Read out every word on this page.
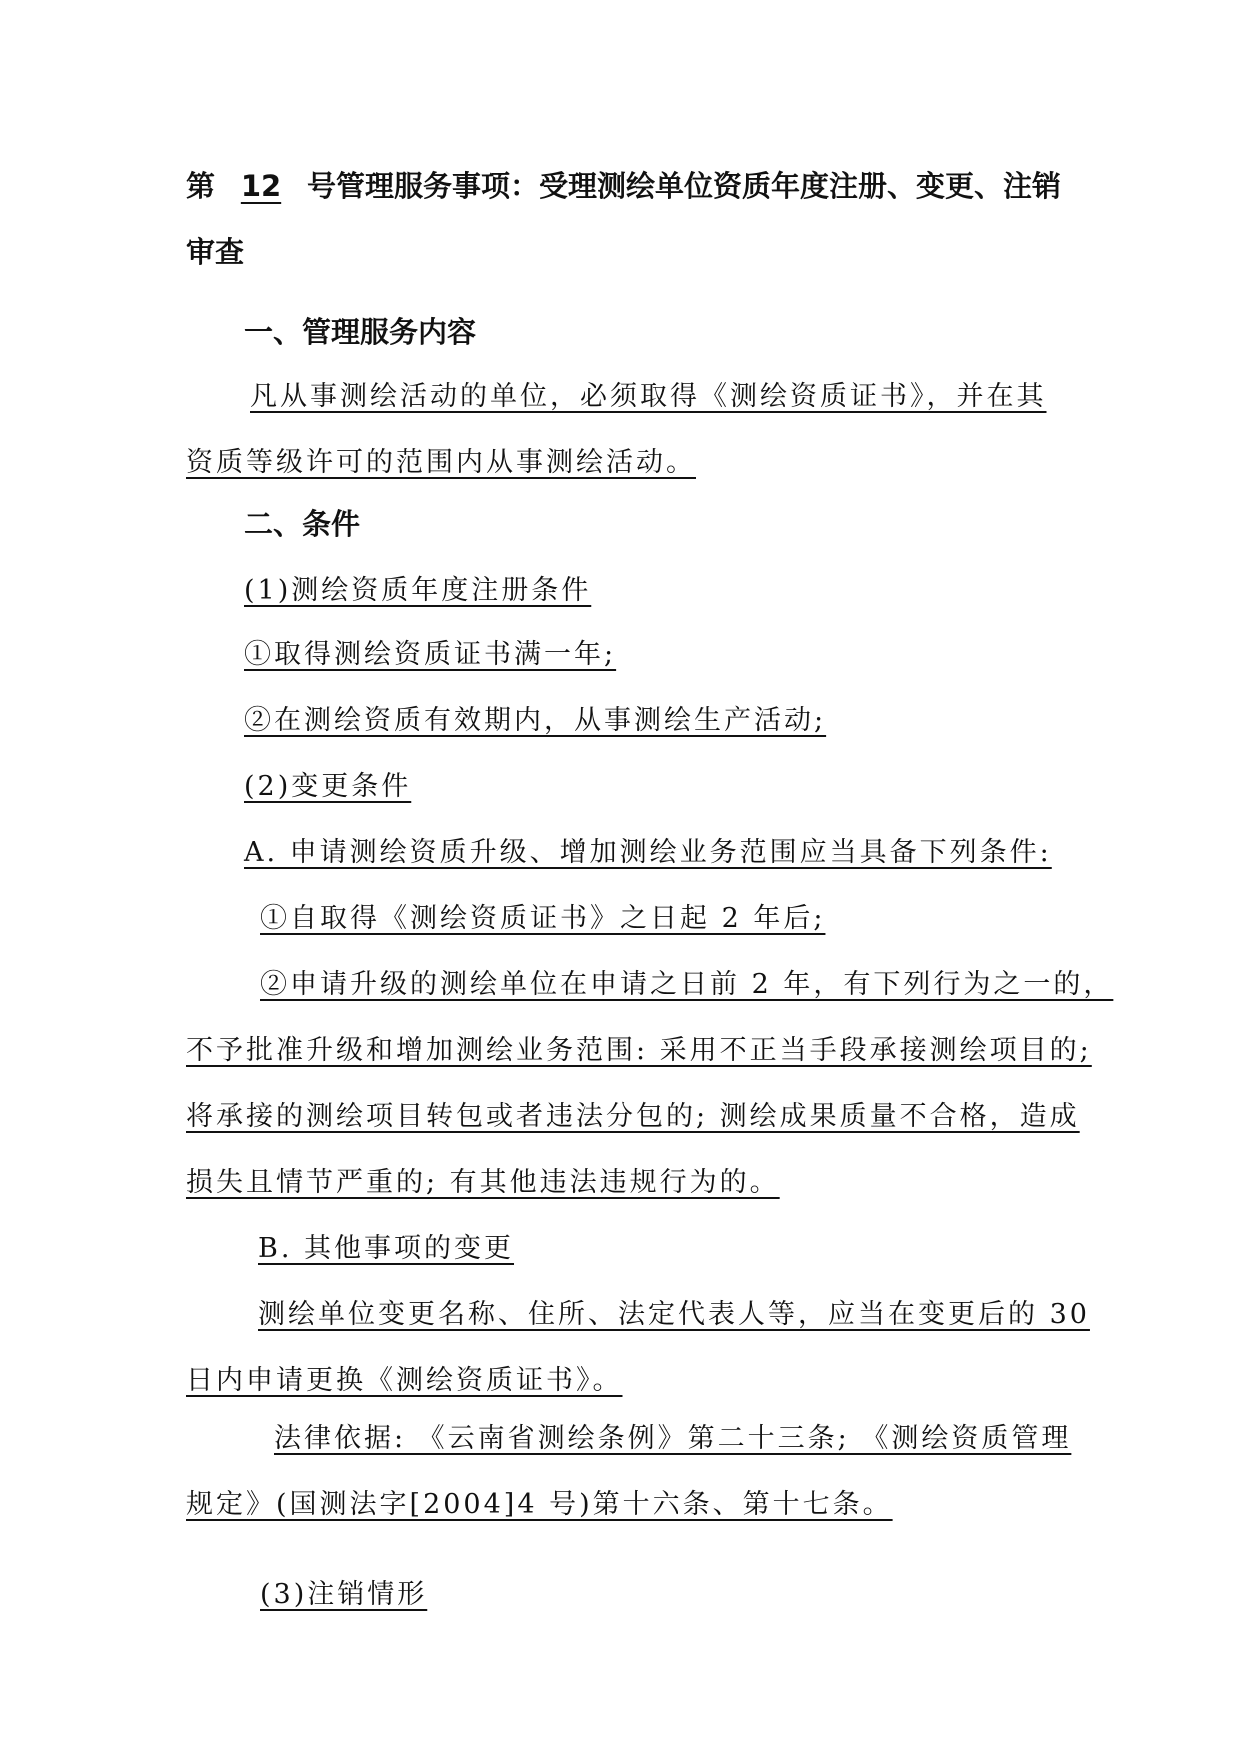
第 12 号管理服务事项：受理测绘单位资质年度注册、变更、注销
审查
一、管理服务内容
凡从事测绘活动的单位，必须取得《测绘资质证书》，并在其
资质等级许可的范围内从事测绘活动。
二、条件
(1)测绘资质年度注册条件
①取得测绘资质证书满一年;
②在测绘资质有效期内，从事测绘生产活动;
(2)变更条件
A. 申请测绘资质升级、增加测绘业务范围应当具备下列条件:
①自取得《测绘资质证书》之日起 2 年后;
②申请升级的测绘单位在申请之日前 2 年，有下列行为之一的，
不予批准升级和增加测绘业务范围: 采用不正当手段承接测绘项目的;
将承接的测绘项目转包或者违法分包的; 测绘成果质量不合格，造成
损失且情节严重的; 有其他违法违规行为的。
B. 其他事项的变更
测绘单位变更名称、住所、法定代表人等，应当在变更后的 30
日内申请更换《测绘资质证书》。
法律依据: 《云南省测绘条例》第二十三条; 《测绘资质管理
规定》(国测法字[2004]4 号)第十六条、第十七条。
(3)注销情形
